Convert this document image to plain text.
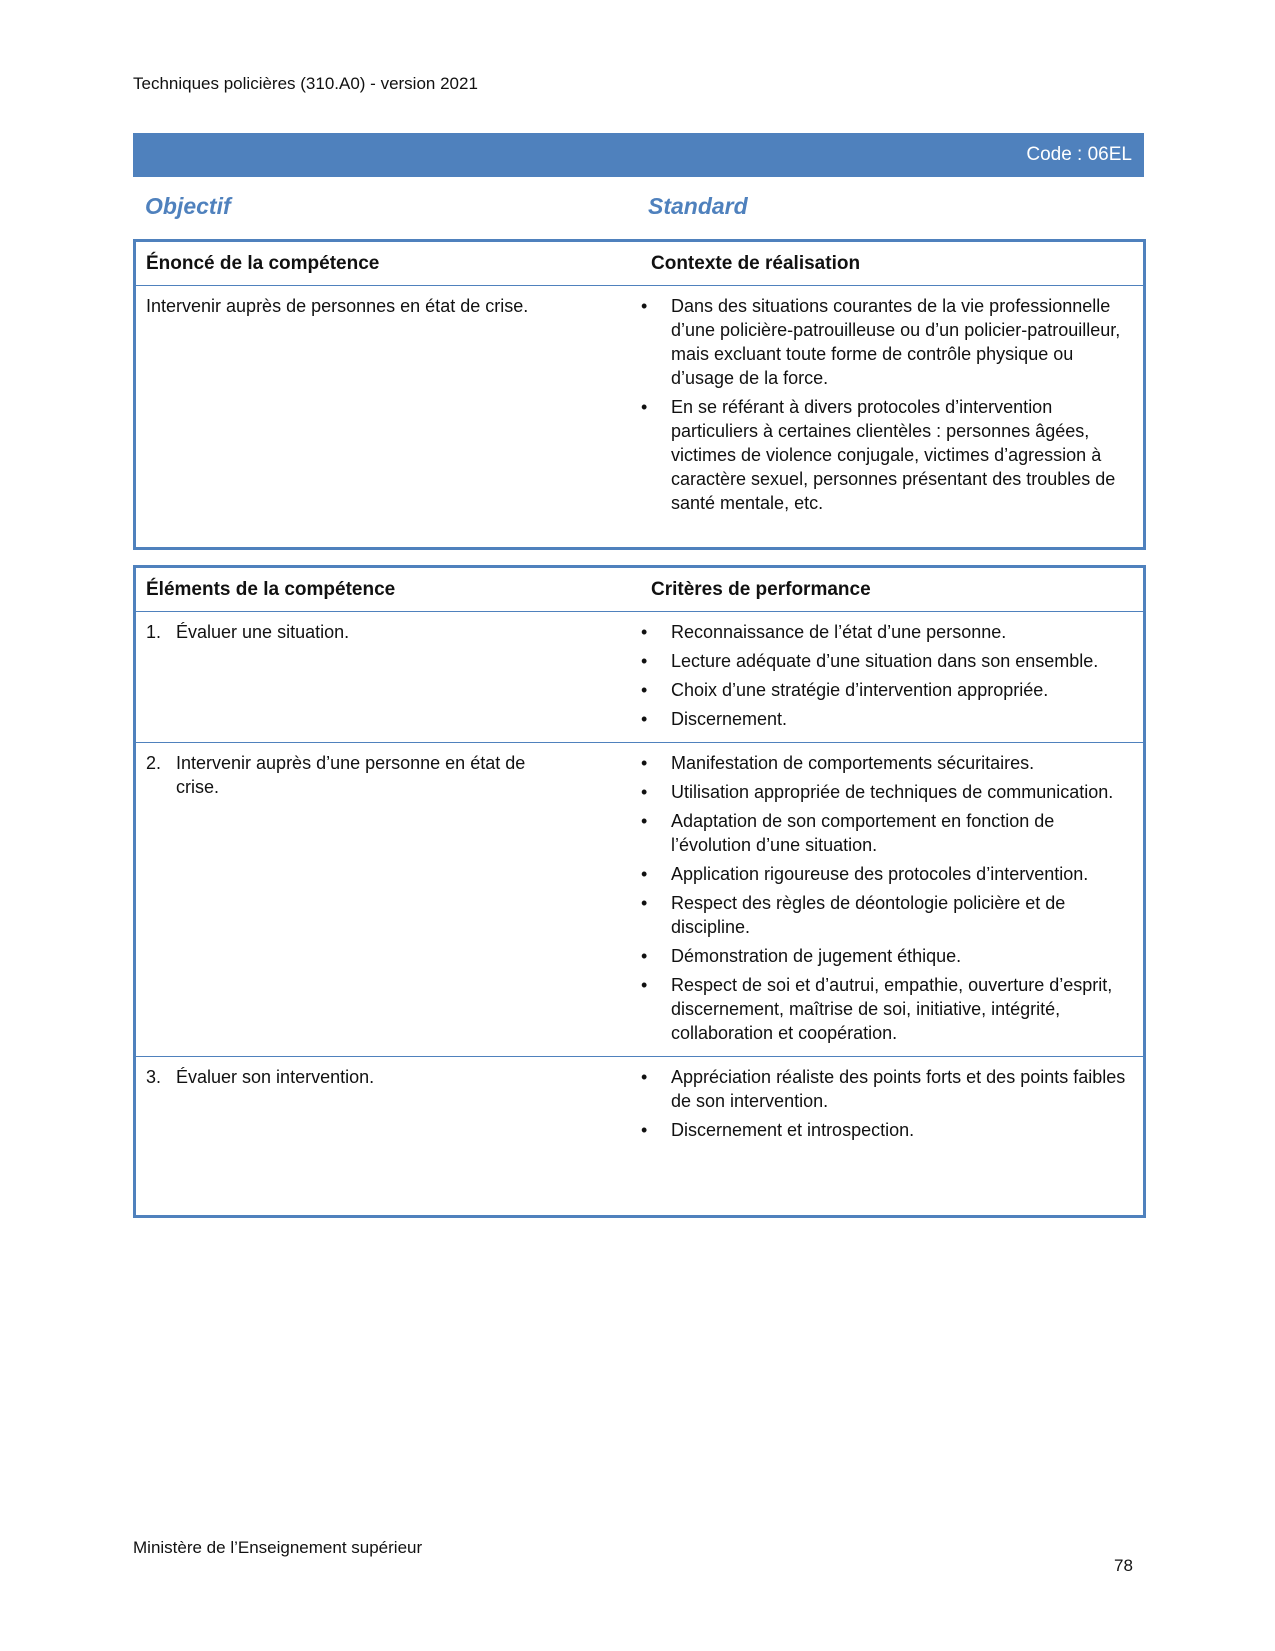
Techniques policières (310.A0) - version 2021
Code : 06EL
Objectif	Standard
Énoncé de la compétence	Contexte de réalisation
Intervenir auprès de personnes en état de crise.	• Dans des situations courantes de la vie professionnelle d’une policière-patrouilleuse ou d’un policier-patrouilleur, mais excluant toute forme de contrôle physique ou d’usage de la force.
• En se référant à divers protocoles d’intervention particuliers à certaines clientèles : personnes âgées, victimes de violence conjugale, victimes d’agression à caractère sexuel, personnes présentant des troubles de santé mentale, etc.
Éléments de la compétence	Critères de performance
1. Évaluer une situation.	• Reconnaissance de l’état d’une personne.
• Lecture adéquate d’une situation dans son ensemble.
• Choix d’une stratégie d’intervention appropriée.
• Discernement.
2. Intervenir auprès d’une personne en état de crise.
• Manifestation de comportements sécuritaires.
• Utilisation appropriée de techniques de communication.
• Adaptation de son comportement en fonction de l’évolution d’une situation.
• Application rigoureuse des protocoles d’intervention.
• Respect des règles de déontologie policière et de discipline.
• Démonstration de jugement éthique.
• Respect de soi et d’autrui, empathie, ouverture d’esprit, discernement, maîtrise de soi, initiative, intégrité, collaboration et coopération.
3. Évaluer son intervention.	• Appréciation réaliste des points forts et des points faibles de son intervention.
• Discernement et introspection.
Ministère de l’Enseignement supérieur
78
